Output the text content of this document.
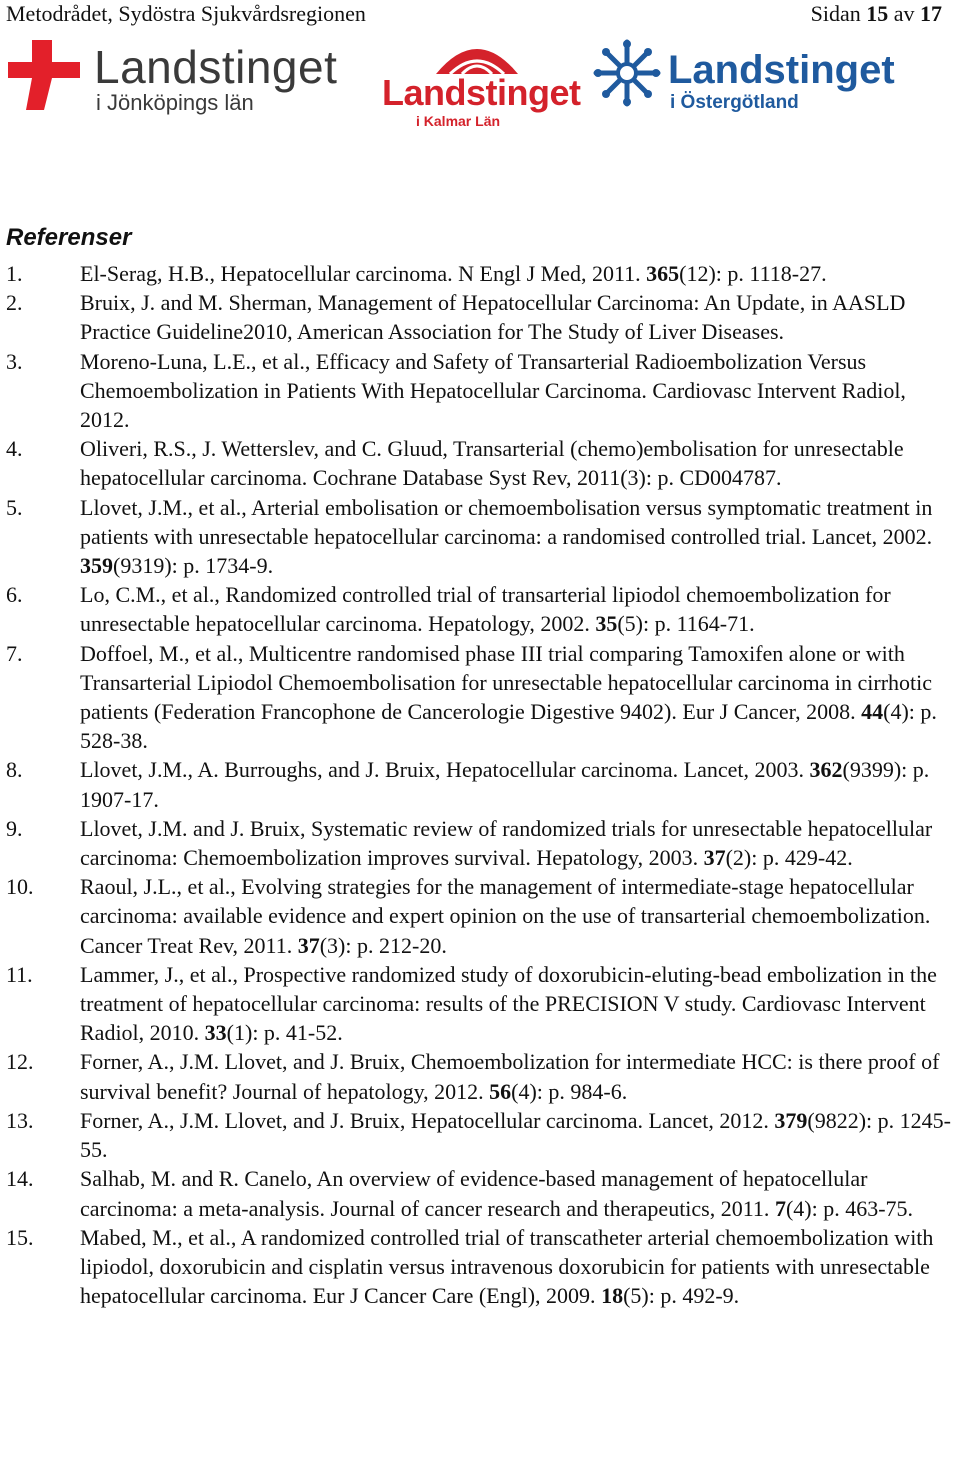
Metodrådet, Sydöstra Sjukvårdsregionen	Sidan 15 av 17
Landstinget
i Jönköpings län	Landstinget
i Kalmar Län
Landstinget
i Östergötland
Referenser
1.	El-Serag, H.B., Hepatocellular carcinoma. N Engl J Med, 2011. 365(12): p. 1118-27.
2.	Bruix, J. and M. Sherman, Management of Hepatocellular Carcinoma: An Update, in AASLD Practice Guideline2010, American Association for The Study of Liver Diseases.
3.	Moreno-Luna, L.E., et al., Efficacy and Safety of Transarterial Radioembolization Versus Chemoembolization in Patients With Hepatocellular Carcinoma. Cardiovasc Intervent Radiol, 2012.
4.	Oliveri, R.S., J. Wetterslev, and C. Gluud, Transarterial (chemo)embolisation for unresectable hepatocellular carcinoma. Cochrane Database Syst Rev, 2011(3): p. CD004787.
5.	Llovet, J.M., et al., Arterial embolisation or chemoembolisation versus symptomatic treatment in patients with unresectable hepatocellular carcinoma: a randomised controlled trial. Lancet, 2002. 359(9319): p. 1734-9.
6.	Lo, C.M., et al., Randomized controlled trial of transarterial lipiodol chemoembolization for unresectable hepatocellular carcinoma. Hepatology, 2002. 35(5): p. 1164-71.
7.	Doffoel, M., et al., Multicentre randomised phase III trial comparing Tamoxifen alone or with Transarterial Lipiodol Chemoembolisation for unresectable hepatocellular carcinoma in cirrhotic patients (Federation Francophone de Cancerologie Digestive 9402). Eur J Cancer, 2008. 44(4): p. 528-38.
8.	Llovet, J.M., A. Burroughs, and J. Bruix, Hepatocellular carcinoma. Lancet, 2003. 362(9399): p. 1907-17.
9.	Llovet, J.M. and J. Bruix, Systematic review of randomized trials for unresectable hepatocellular carcinoma: Chemoembolization improves survival. Hepatology, 2003. 37(2): p. 429-42.
10.	Raoul, J.L., et al., Evolving strategies for the management of intermediate-stage hepatocellular carcinoma: available evidence and expert opinion on the use of transarterial chemoembolization. Cancer Treat Rev, 2011. 37(3): p. 212-20.
11.	Lammer, J., et al., Prospective randomized study of doxorubicin-eluting-bead embolization in the treatment of hepatocellular carcinoma: results of the PRECISION V study. Cardiovasc Intervent Radiol, 2010. 33(1): p. 41-52.
12.	Forner, A., J.M. Llovet, and J. Bruix, Chemoembolization for intermediate HCC: is there proof of survival benefit? Journal of hepatology, 2012. 56(4): p. 984-6.
13.	Forner, A., J.M. Llovet, and J. Bruix, Hepatocellular carcinoma. Lancet, 2012. 379(9822): p. 1245-55.
14.	Salhab, M. and R. Canelo, An overview of evidence-based management of hepatocellular carcinoma: a meta-analysis. Journal of cancer research and therapeutics, 2011. 7(4): p. 463-75.
15.	Mabed, M., et al., A randomized controlled trial of transcatheter arterial chemoembolization with lipiodol, doxorubicin and cisplatin versus intravenous doxorubicin for patients with unresectable hepatocellular carcinoma. Eur J Cancer Care (Engl), 2009. 18(5): p. 492-9.
